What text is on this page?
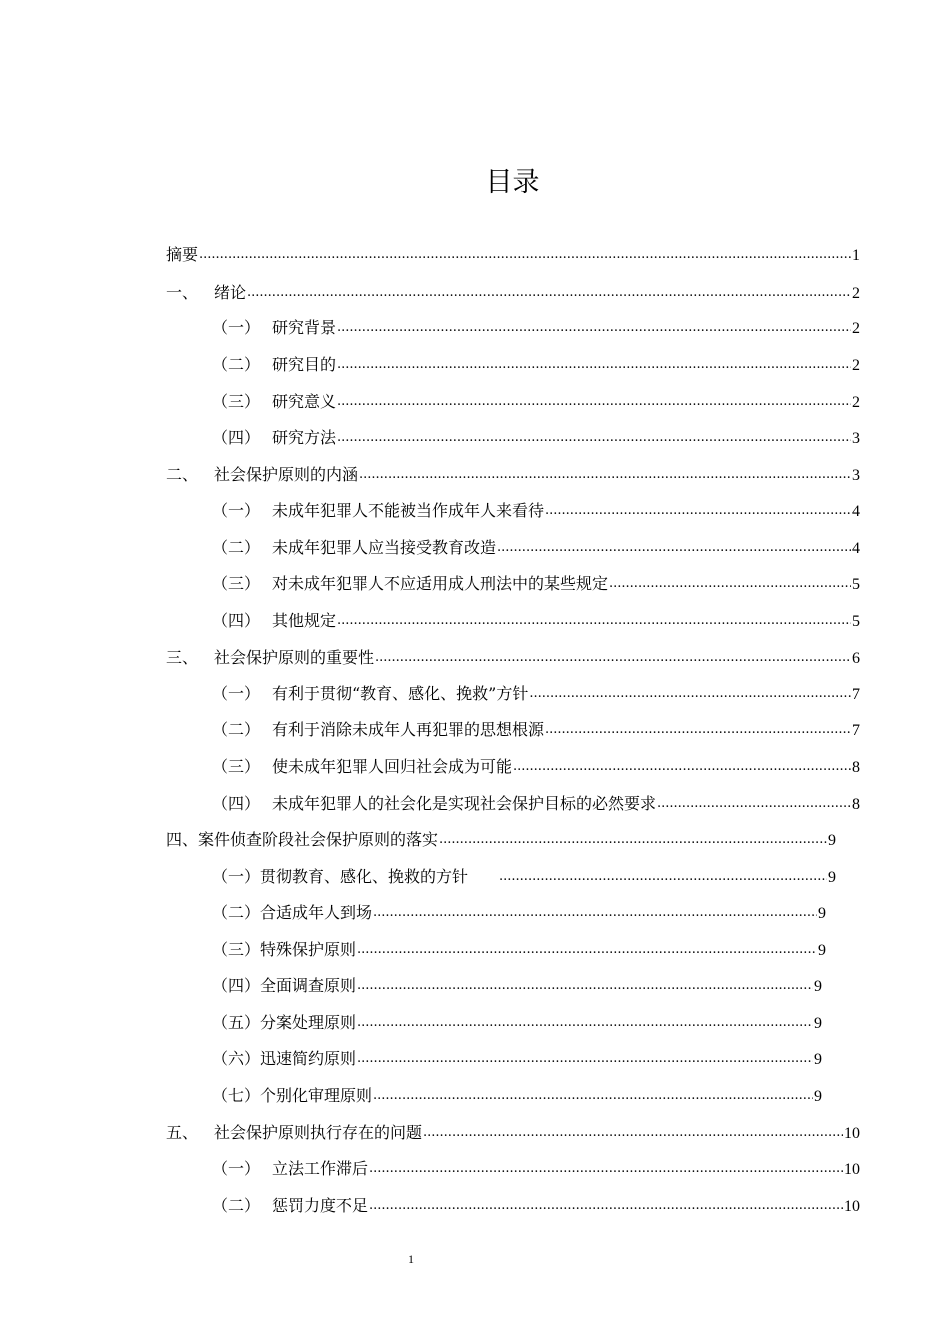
目录
摘要 .....	1
一、 绪论 .....	2
（一） 研究背景 .....	2
（二） 研究目的 .....	2
（三） 研究意义 .....	2
（四） 研究方法 .....	3
二、 社会保护原则的内涵 .....	3
（一） 未成年犯罪人不能被当作成年人来看待 .....	4
（二） 未成年犯罪人应当接受教育改造 .....	4
（三） 对未成年犯罪人不应适用成人刑法中的某些规定 .....	5
（四） 其他规定 .....	5
三、 社会保护原则的重要性 .....	6
（一） 有利于贯彻“教育、感化、挽救”方针 .....	7
（二） 有利于消除未成年人再犯罪的思想根源 .....	7
（三） 使未成年犯罪人回归社会成为可能 .....	8
（四） 未成年犯罪人的社会化是实现社会保护目标的必然要求 .....	8
四、案件侦查阶段社会保护原则的落实 .....	9
（一）贯彻教育、感化、挽救的方针　 .....	9
（二）合适成年人到场 .....	9
（三）特殊保护原则 .....	9
（四）全面调查原则 .....	9
（五）分案处理原则 .....	9
（六）迅速简约原则 .....	9
（七）个别化审理原则 .....	9
五、 社会保护原则执行存在的问题 .....	10
（一） 立法工作滞后 .....	10
（二） 惩罚力度不足 .....	10
1
